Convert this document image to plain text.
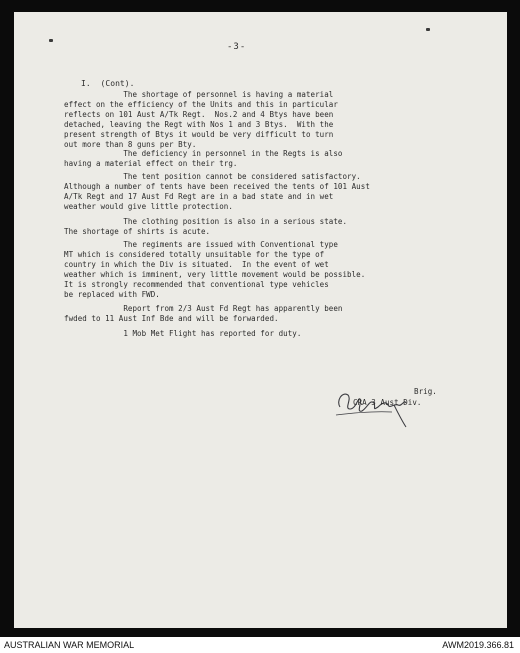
-3-
I.  (Cont).
The shortage of personnel is having a material
effect on the efficiency of the Units and this in particular
reflects on 101 Aust A/Tk Regt.  Nos.2 and 4 Btys have been
detached, leaving the Regt with Nos 1 and 3 Btys.  With the
present strength of Btys it would be very difficult to turn
out more than 8 guns per Bty.
The deficiency in personnel in the Regts is also
having a material effect on their trg.
The tent position cannot be considered satisfactory.
Although a number of tents have been received the tents of 101 Aust
A/Tk Regt and 17 Aust Fd Regt are in a bad state and in wet
weather would give little protection.
The clothing position is also in a serious state.
The shortage of shirts is acute.
The regiments are issued with Conventional type
MT which is considered totally unsuitable for the type of
country in which the Div is situated.  In the event of wet
weather which is imminent, very little movement would be possible.
It is strongly recommended that conventional type vehicles
be replaced with FWD.
Report from 2/3 Aust Fd Regt has apparently been
fwded to 11 Aust Inf Bde and will be forwarded.
1 Mob Met Flight has reported for duty.
Brig.
CRA 3 Aust Div.
AUSTRALIAN WAR MEMORIAL	AWM2019.366.81
